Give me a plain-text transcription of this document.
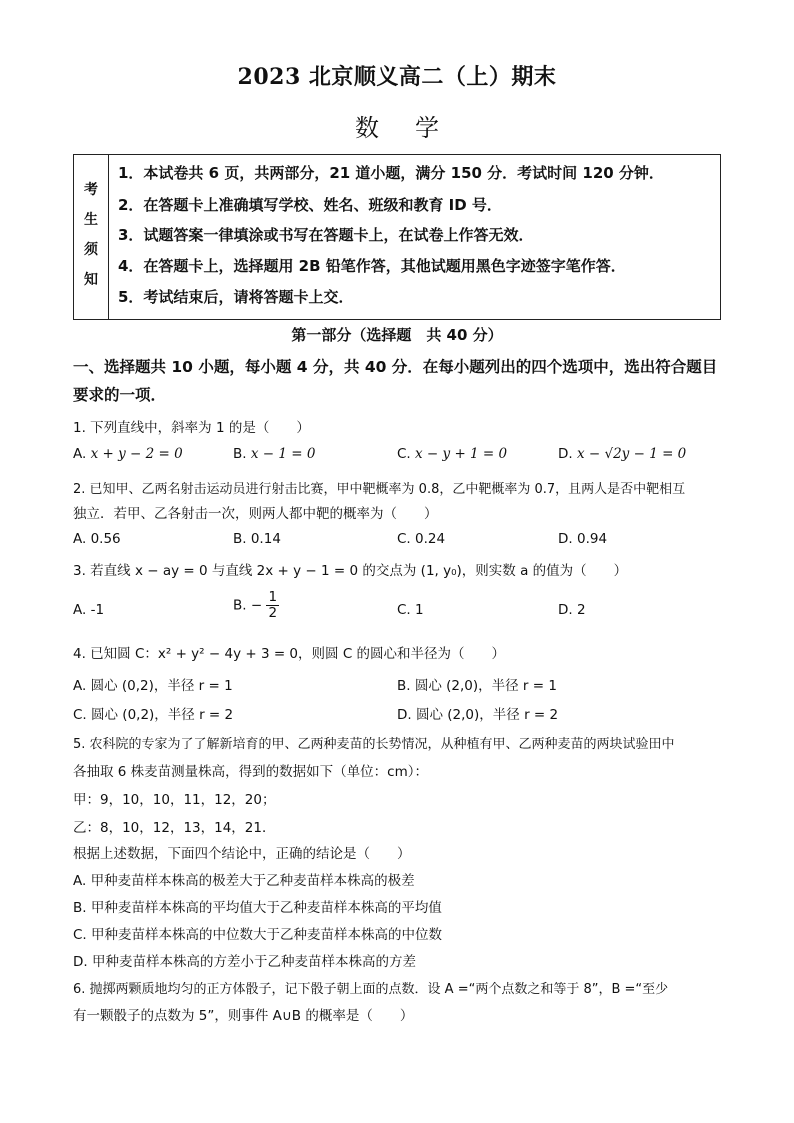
2023 北京顺义高二（上）期末
数学
考
生
须
知
1．本试卷共 6 页，共两部分，21 道小题，满分 150 分．考试时间 120 分钟．
2．在答题卡上准确填写学校、姓名、班级和教育 ID 号．
3．试题答案一律填涂或书写在答题卡上，在试卷上作答无效．
4．在答题卡上，选择题用 2B 铅笔作答，其他试题用黑色字迹签字笔作答．
5．考试结束后，请将答题卡上交．
第一部分（选择题　共 40 分）
一、选择题共 10 小题，每小题 4 分，共 40 分．在每小题列出的四个选项中，选出符合题目
要求的一项．
1. 下列直线中，斜率为 1 的是（　　）
A. x + y − 2 = 0	B. x − 1 = 0	C. x − y + 1 = 0	D. x − √2y − 1 = 0
2. 已知甲、乙两名射击运动员进行射击比赛，甲中靶概率为 0.8，乙中靶概率为 0.7，且两人是否中靶相互
独立．若甲、乙各射击一次，则两人都中靶的概率为（　　）
A. 0.56	B. 0.14	C. 0.24	D. 0.94
3. 若直线 x − ay = 0 与直线 2x + y − 1 = 0 的交点为 (1, y₀)，则实数 a 的值为（　　）
A. -1	B. − $\frac{1}{2}$	C. 1	D. 2
4. 已知圆 C：x² + y² − 4y + 3 = 0，则圆 C 的圆心和半径为（　　）
A. 圆心 (0,2)，半径 r = 1	B. 圆心 (2,0)，半径 r = 1
C. 圆心 (0,2)，半径 r = 2	D. 圆心 (2,0)，半径 r = 2
5. 农科院的专家为了了解新培育的甲、乙两种麦苗的长势情况，从种植有甲、乙两种麦苗的两块试验田中
各抽取 6 株麦苗测量株高，得到的数据如下（单位：cm）：
甲：9，10，10，11，12，20；
乙：8，10，12，13，14，21．
根据上述数据，下面四个结论中，正确的结论是（　　）
A. 甲种麦苗样本株高的极差大于乙种麦苗样本株高的极差
B. 甲种麦苗样本株高的平均值大于乙种麦苗样本株高的平均值
C. 甲种麦苗样本株高的中位数大于乙种麦苗样本株高的中位数
D. 甲种麦苗样本株高的方差小于乙种麦苗样本株高的方差
6. 抛掷两颗质地均匀的正方体骰子，记下骰子朝上面的点数．设 A =“两个点数之和等于 8”，B =“至少
有一颗骰子的点数为 5”，则事件 A∪B 的概率是（　　）
